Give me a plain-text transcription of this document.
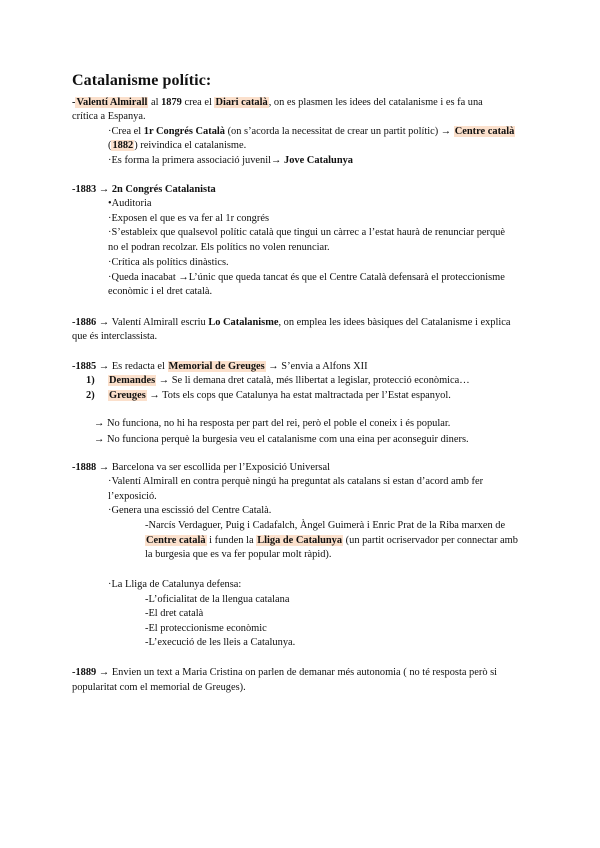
Catalanisme polític:
-Valentí Almirall al 1879 crea el Diari català, on es plasmen les idees del catalanisme i es fa una
crítica a Espanya.
·Crea el 1r Congrés Català (on s’acorda la necessitat de crear un partit polític) → Centre català
(1882) reivindica el catalanisme.
·Es forma la primera associació juvenil→ Jove Catalunya
-1883 → 2n Congrés Catalanista
•Auditoria
·Exposen el que es va fer al 1r congrés
·S’estableix que qualsevol polític català que tingui un càrrec a l’estat haurà de renunciar perquè
no el podran recolzar. Els polítics no volen renunciar.
·Crítica als polítics dinàstics.
·Queda inacabat →L’únic que queda tancat és que el Centre Català defensarà el proteccionisme
econòmic i el dret català.
-1886 → Valentí Almirall escriu Lo Catalanisme, on emplea les idees bàsiques del Catalanisme i explica
que és interclassista.
-1885 → Es redacta el Memorial de Greuges → S’envia a Alfons XII
1) Demandes → Se li demana dret català, més llibertat a legislar, protecció econòmica…
2) Greuges → Tots els cops que Catalunya ha estat maltractada per l’Estat espanyol.
→ No funciona, no hi ha resposta per part del rei, però el poble el coneix i és popular.
→ No funciona perquè la burgesia veu el catalanisme com una eina per aconseguir diners.
-1888 → Barcelona va ser escollida per l’Exposició Universal
·Valentí Almirall en contra perquè ningú ha preguntat als catalans si estan d’acord amb fer
l’exposició.
·Genera una escissió del Centre Català.
-Narcís Verdaguer, Puig i Cadafalch, Àngel Guimerà i Enric Prat de la Riba marxen de
Centre català i funden la Lliga de Catalunya (un partit ocriservador per connectar amb
la burgesia que es va fer popular molt ràpid).
·La Lliga de Catalunya defensa:
-L’oficialitat de la llengua catalana
-El dret català
-El proteccionisme econòmic
-L’execució de les lleis a Catalunya.
-1889 → Envien un text a Maria Cristina on parlen de demanar més autonomia ( no té resposta però si
popularitat com el memorial de Greuges).
